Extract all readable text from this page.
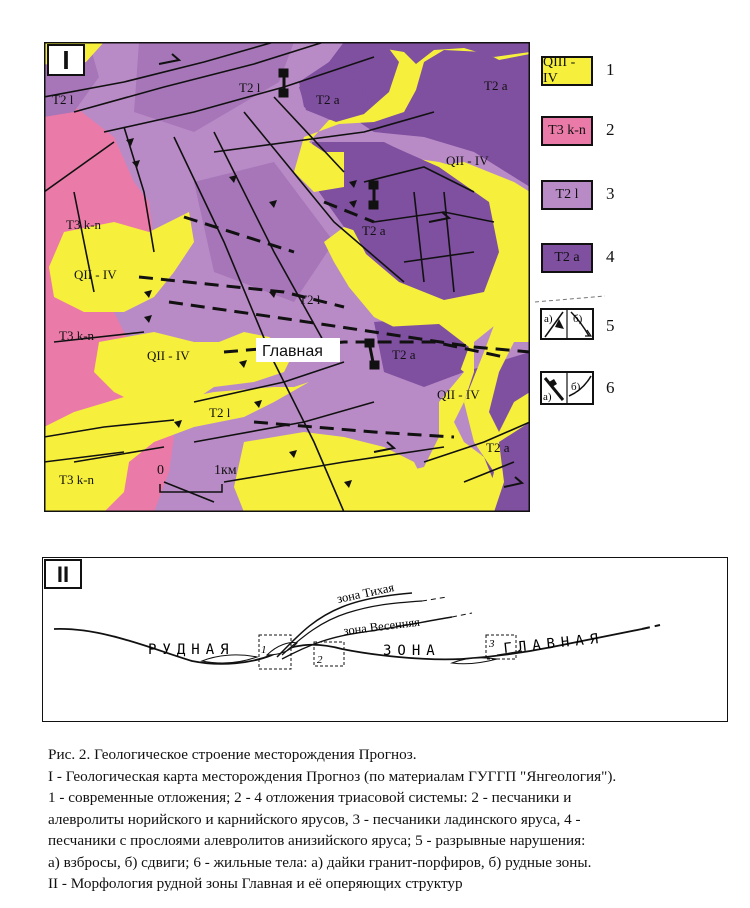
T2 l
T2 l
T2 a
T2 a
QII - IV
T3 k-n	T2 a
QII - IV
T2 l
T3 k-n
QII - IV	T2 a
QII - IV
T2 l
T2 a
T3 k-n
Главная
0	1км
I	QIII - IV	1
T3 k-n	2
T2 l	3
T2 a	4
а) б) 5
а)
б) 6
II
1
2
3
РУДНАЯ	ЗОНА	ГЛАВНАЯ
зона Тихая
зона Весенняя
Рис. 2. Геологическое строение месторождения Прогноз.
I - Геологическая карта месторождения Прогноз (по материалам ГУГГП "Янгеология").
1 - современные отложения; 2 - 4 отложения триасовой системы: 2 - песчаники и
алевролиты норийского и карнийского ярусов, 3 - песчаники ладинского яруса, 4 -
песчаники с прослоями алевролитов анизийского яруса; 5 - разрывные нарушения:
а) взбросы, б) сдвиги; 6 - жильные тела: а) дайки гранит-порфиров, б) рудные зоны.
II - Морфология рудной зоны Главная и её оперяющих структур
